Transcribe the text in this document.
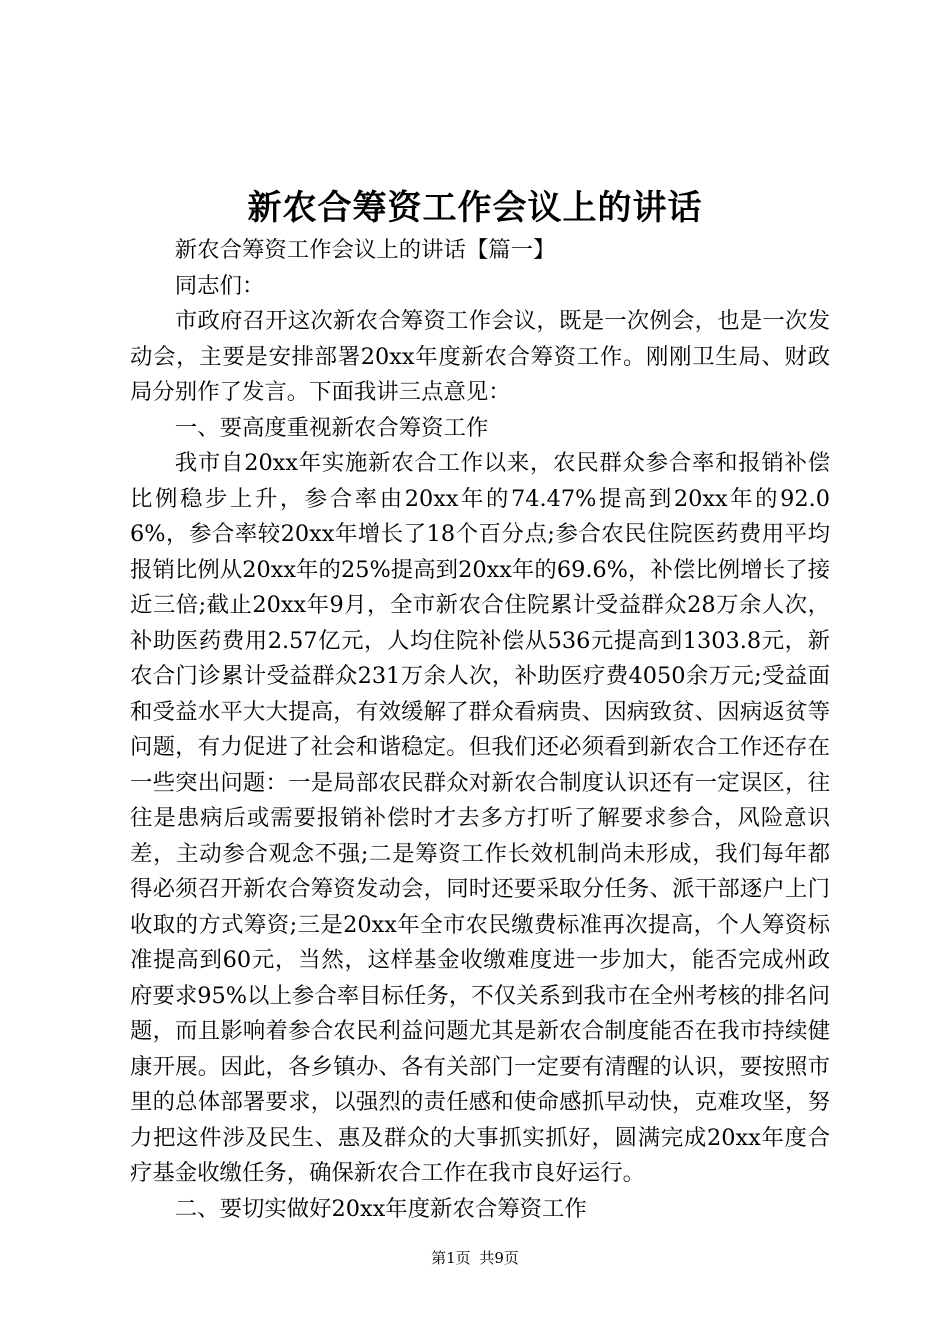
新农合筹资工作会议上的讲话

新农合筹资工作会议上的讲话【篇一】

同志们：

市政府召开这次新农合筹资工作会议，既是一次例会，也是一次发动会，主要是安排部署20xx年度新农合筹资工作。刚刚卫生局、财政局分别作了发言。下面我讲三点意见：

一、要高度重视新农合筹资工作

我市自20xx年实施新农合工作以来，农民群众参合率和报销补偿比例稳步上升，参合率由20xx年的74.47%提高到20xx年的92.06%，参合率较20xx年增长了18个百分点;参合农民住院医药费用平均报销比例从20xx年的25%提高到20xx年的69.6%，补偿比例增长了接近三倍;截止20xx年9月，全市新农合住院累计受益群众28万余人次，补助医药费用2.57亿元，人均住院补偿从536元提高到1303.8元，新农合门诊累计受益群众231万余人次，补助医疗费4050余万元;受益面和受益水平大大提高，有效缓解了群众看病贵、因病致贫、因病返贫等问题，有力促进了社会和谐稳定。但我们还必须看到新农合工作还存在一些突出问题：一是局部农民群众对新农合制度认识还有一定误区，往往是患病后或需要报销补偿时才去多方打听了解要求参合，风险意识差，主动参合观念不强;二是筹资工作长效机制尚未形成，我们每年都得必须召开新农合筹资发动会，同时还要采取分任务、派干部逐户上门收取的方式筹资;三是20xx年全市农民缴费标准再次提高，个人筹资标准提高到60元，当然，这样基金收缴难度进一步加大，能否完成州政府要求95%以上参合率目标任务，不仅关系到我市在全州考核的排名问题，而且影响着参合农民利益问题尤其是新农合制度能否在我市持续健康开展。因此，各乡镇办、各有关部门一定要有清醒的认识，要按照市里的总体部署要求，以强烈的责任感和使命感抓早动快，克难攻坚，努力把这件涉及民生、惠及群众的大事抓实抓好，圆满完成20xx年度合疗基金收缴任务，确保新农合工作在我市良好运行。

二、要切实做好20xx年度新农合筹资工作

第1页 共9页
